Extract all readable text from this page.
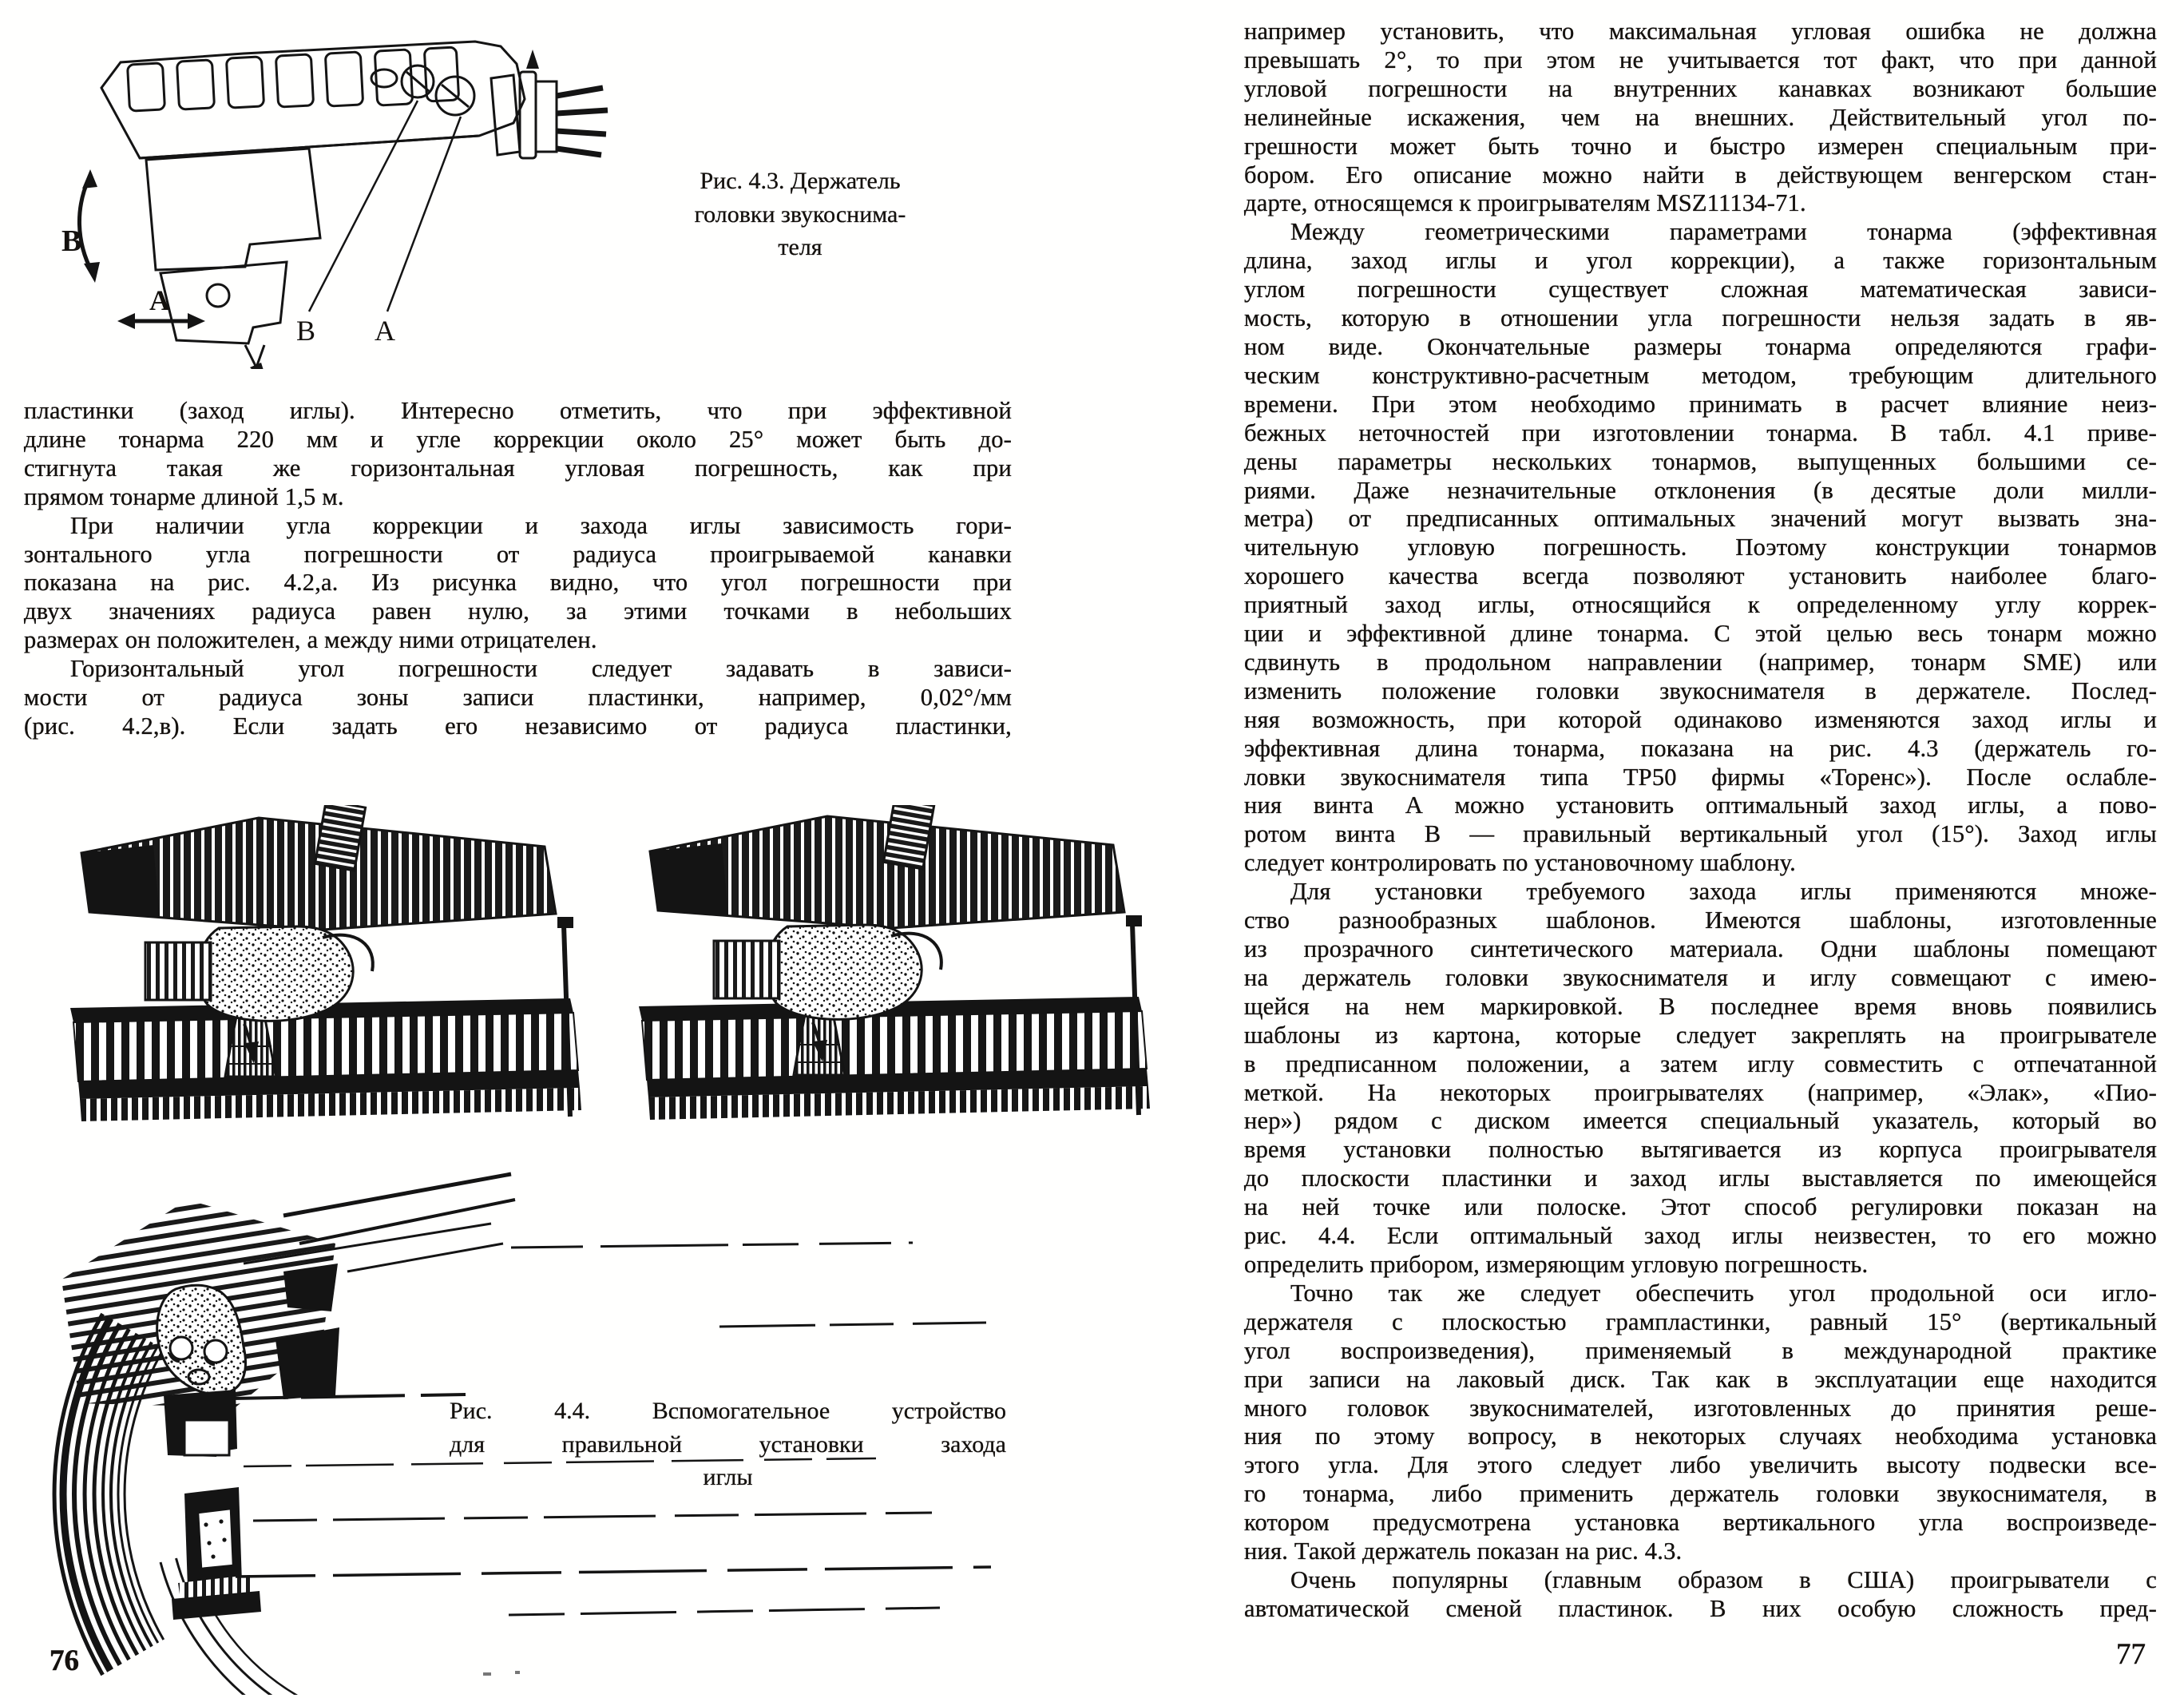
B
A
В А
Рис. 4.3. Держатель
головки звукоснима-
теля
пластинки (заход иглы). Интересно отметить, что при эффективной
длине тонарма 220 мм и угле коррекции около 25° может быть до-
стигнута такая же горизонтальная угловая погрешность, как при
прямом тонарме длиной 1,5 м.
При наличии угла коррекции и захода иглы зависимость гори-
зонтального угла погрешности от радиуса проигрываемой канавки
показана на рис. 4.2,а. Из рисунка видно, что угол погрешности при
двух значениях радиуса равен нулю, за этими точками в небольших
размерах он положителен, а между ними отрицателен.
Горизонтальный угол погрешности следует задавать в зависи-
мости от радиуса зоны записи пластинки, например, 0,02°/мм
(рис. 4.2,в). Если задать его независимо от радиуса пластинки,
Рис. 4.4. Вспомогательное устройство
для правильной установки захода
иглы
76
например установить, что максимальная угловая ошибка не должна
превышать 2°, то при этом не учитывается тот факт, что при данной
угловой погрешности на внутренних канавках возникают большие
нелинейные искажения, чем на внешних. Действительный угол по-
грешности может быть точно и быстро измерен специальным при-
бором. Его описание можно найти в действующем венгерском стан-
дарте, относящемся к проигрывателям MSZ11134-71.
Между геометрическими параметрами тонарма (эффективная
длина, заход иглы и угол коррекции), а также горизонтальным
углом погрешности существует сложная математическая зависи-
мость, которую в отношении угла погрешности нельзя задать в яв-
ном виде. Окончательные размеры тонарма определяются графи-
ческим конструктивно-расчетным методом, требующим длительного
времени. При этом необходимо принимать в расчет влияние неиз-
бежных неточностей при изготовлении тонарма. В табл. 4.1 приве-
дены параметры нескольких тонармов, выпущенных большими се-
риями. Даже незначительные отклонения (в десятые доли милли-
метра) от предписанных оптимальных значений могут вызвать зна-
чительную угловую погрешность. Поэтому конструкции тонармов
хорошего качества всегда позволяют установить наиболее благо-
приятный заход иглы, относящийся к определенному углу коррек-
ции и эффективной длине тонарма. С этой целью весь тонарм можно
сдвинуть в продольном направлении (например, тонарм SME) или
изменить положение головки звукоснимателя в держателе. Послед-
няя возможность, при которой одинаково изменяются заход иглы и
эффективная длина тонарма, показана на рис. 4.3 (держатель го-
ловки звукоснимателя типа ТР50 фирмы «Торенс»). После ослабле-
ния винта А можно установить оптимальный заход иглы, а пово-
ротом винта В — правильный вертикальный угол (15°). Заход иглы
следует контролировать по установочному шаблону.
Для установки требуемого захода иглы применяются множе-
ство разнообразных шаблонов. Имеются шаблоны, изготовленные
из прозрачного синтетического материала. Одни шаблоны помещают
на держатель головки звукоснимателя и иглу совмещают с имею-
щейся на нем маркировкой. В последнее время вновь появились
шаблоны из картона, которые следует закреплять на проигрывателе
в предписанном положении, а затем иглу совместить с отпечатанной
меткой. На некоторых проигрывателях (например, «Элак», «Пио-
нер») рядом с диском имеется специальный указатель, который во
время установки полностью вытягивается из корпуса проигрывателя
до плоскости пластинки и заход иглы выставляется по имеющейся
на ней точке или полоске. Этот способ регулировки показан на
рис. 4.4. Если оптимальный заход иглы неизвестен, то его можно
определить прибором, измеряющим угловую погрешность.
Точно так же следует обеспечить угол продольной оси игло-
держателя с плоскостью грампластинки, равный 15° (вертикальный
угол воспроизведения), применяемый в международной практике
при записи на лаковый диск. Так как в эксплуатации еще находится
много головок звукоснимателей, изготовленных до принятия реше-
ния по этому вопросу, в некоторых случаях необходима установка
этого угла. Для этого следует либо увеличить высоту подвески все-
го тонарма, либо применить держатель головки звукоснимателя, в
котором предусмотрена установка вертикального угла воспроизведе-
ния. Такой держатель показан на рис. 4.3.
Очень популярны (главным образом в США) проигрыватели с
автоматической сменой пластинок. В них особую сложность пред-
77
